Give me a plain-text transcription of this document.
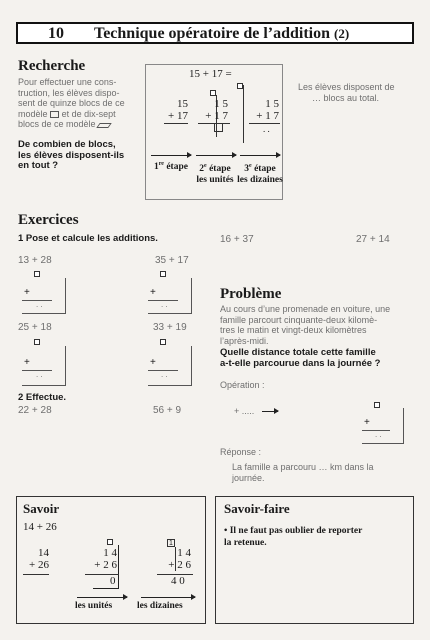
10 Technique opératoire de l’addition (2)
Recherche
Pour effectuer une cons-
truction, les élèves dispo-
sent de quinze blocs de ce
modèle et de dix-sept
blocs de ce modèle
De combien de blocs,
les élèves disposent-ils
en tout ?
Les élèves disposent de
… blocs au total.
15 + 17 =
15
+ 17
1 5
+ 1 7
.
1 5
+ 1 7
. .
1re étape	2e étape
les unités
3e étape
les dizaines
Exercices
1 Pose et calcule les additions.	16 + 37	27 + 14
13 + 28	35 + 17
+
. .
+
. .
25 + 18	33 + 19
+
. .
+
. .
2 Effectue.
22 + 28	56 + 9
Problème
Au cours d’une promenade en voiture, une
famille parcourt cinquante-deux kilomè-
tres le matin et vingt-deux kilomètres
l’après-midi.
Quelle distance totale cette famille
a-t-elle parcourue dans la journée ?
Opération :
+ .....
+
. .
Réponse :
La famille a parcouru … km dans la
journée.
Savoir
14 + 26
14
+ 26
1 4
+ 2 6
0
1
1 4
+ 2 6
4 0
les unités	les dizaines
Savoir-faire
• Il ne faut pas oublier de reporter
la retenue.
